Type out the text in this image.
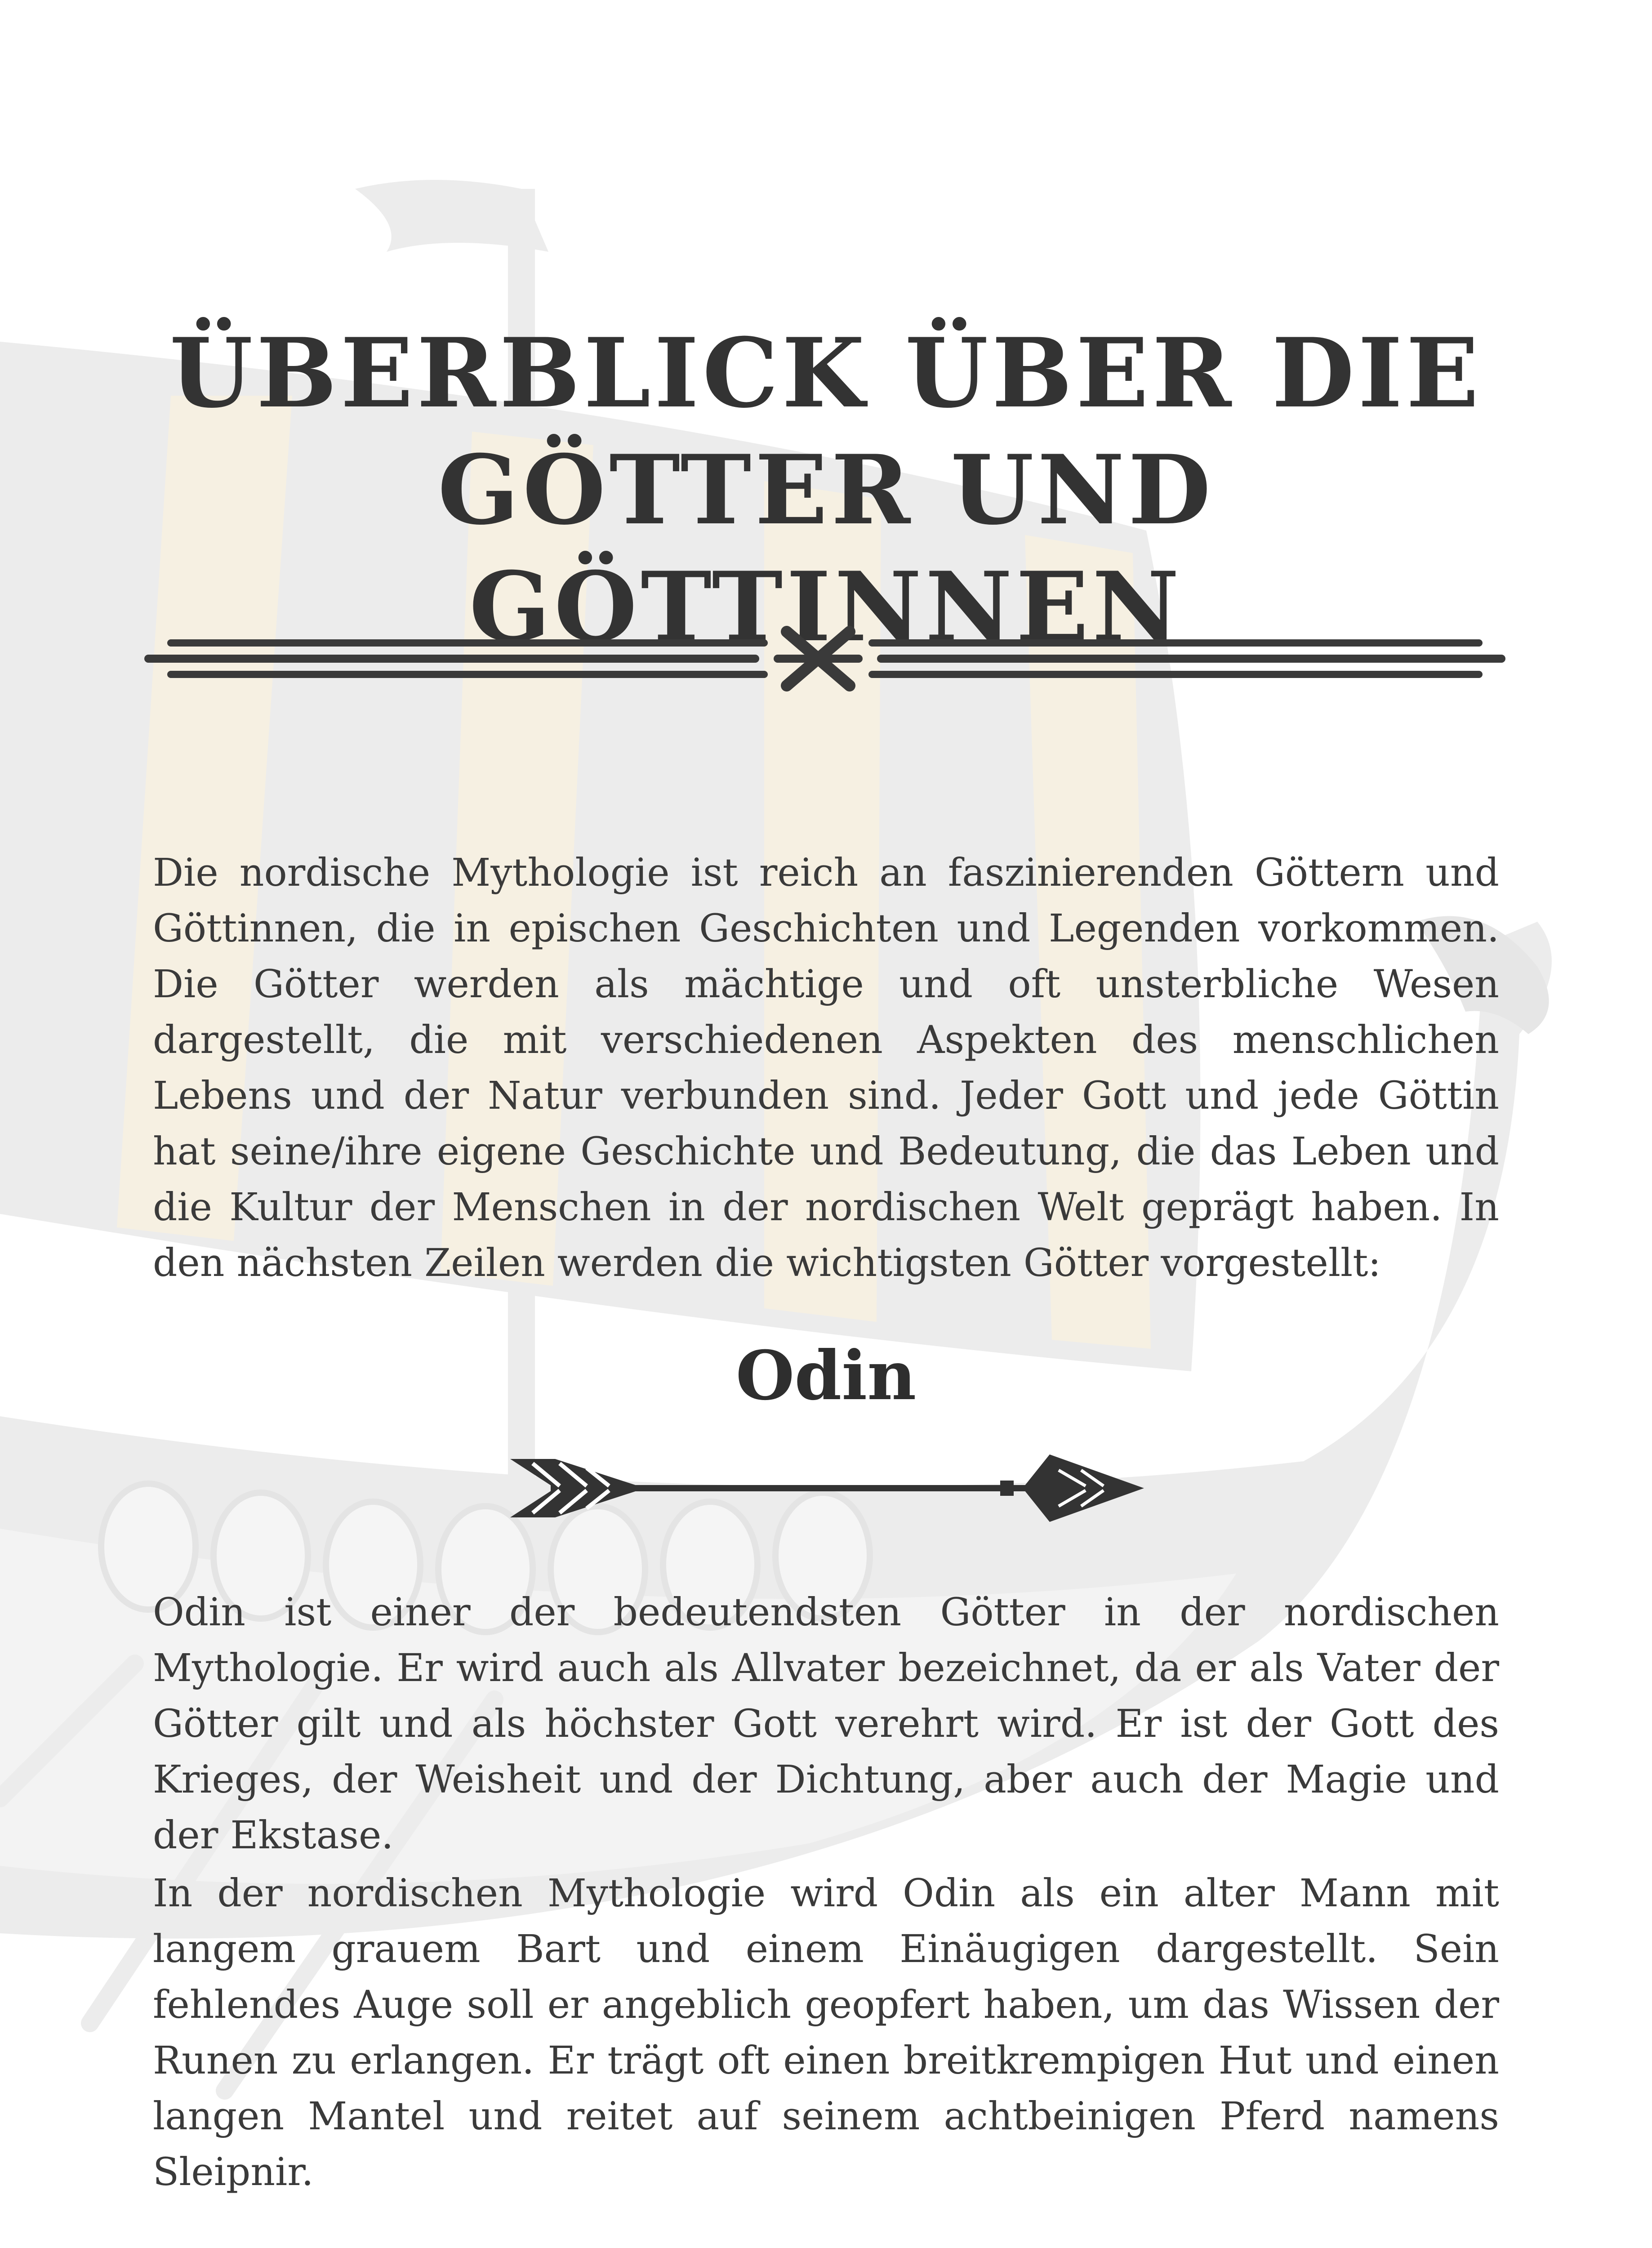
ÜBERBLICK ÜBER DIE
GÖTTER UND GÖTTINNEN

Die nordische Mythologie ist reich an faszinierenden Göttern und Göttinnen, die in epischen Geschichten und Legenden vorkommen. Die Götter werden als mächtige und oft unsterbliche Wesen dargestellt, die mit verschiedenen Aspekten des menschlichen Lebens und der Natur verbunden sind. Jeder Gott und jede Göttin hat seine/ihre eigene Geschichte und Bedeutung, die das Leben und die Kultur der Menschen in der nordischen Welt geprägt haben. In den nächsten Zeilen werden die wichtigsten Götter vorgestellt:

Odin

Odin ist einer der bedeutendsten Götter in der nordischen Mythologie. Er wird auch als Allvater bezeichnet, da er als Vater der Götter gilt und als höchster Gott verehrt wird. Er ist der Gott des Krieges, der Weisheit und der Dichtung, aber auch der Magie und der Ekstase.

In der nordischen Mythologie wird Odin als ein alter Mann mit langem grauem Bart und einem Einäugigen dargestellt. Sein fehlendes Auge soll er angeblich geopfert haben, um das Wissen der Runen zu erlangen. Er trägt oft einen breitkrempigen Hut und einen langen Mantel und reitet auf seinem achtbeinigen Pferd namens Sleipnir.
